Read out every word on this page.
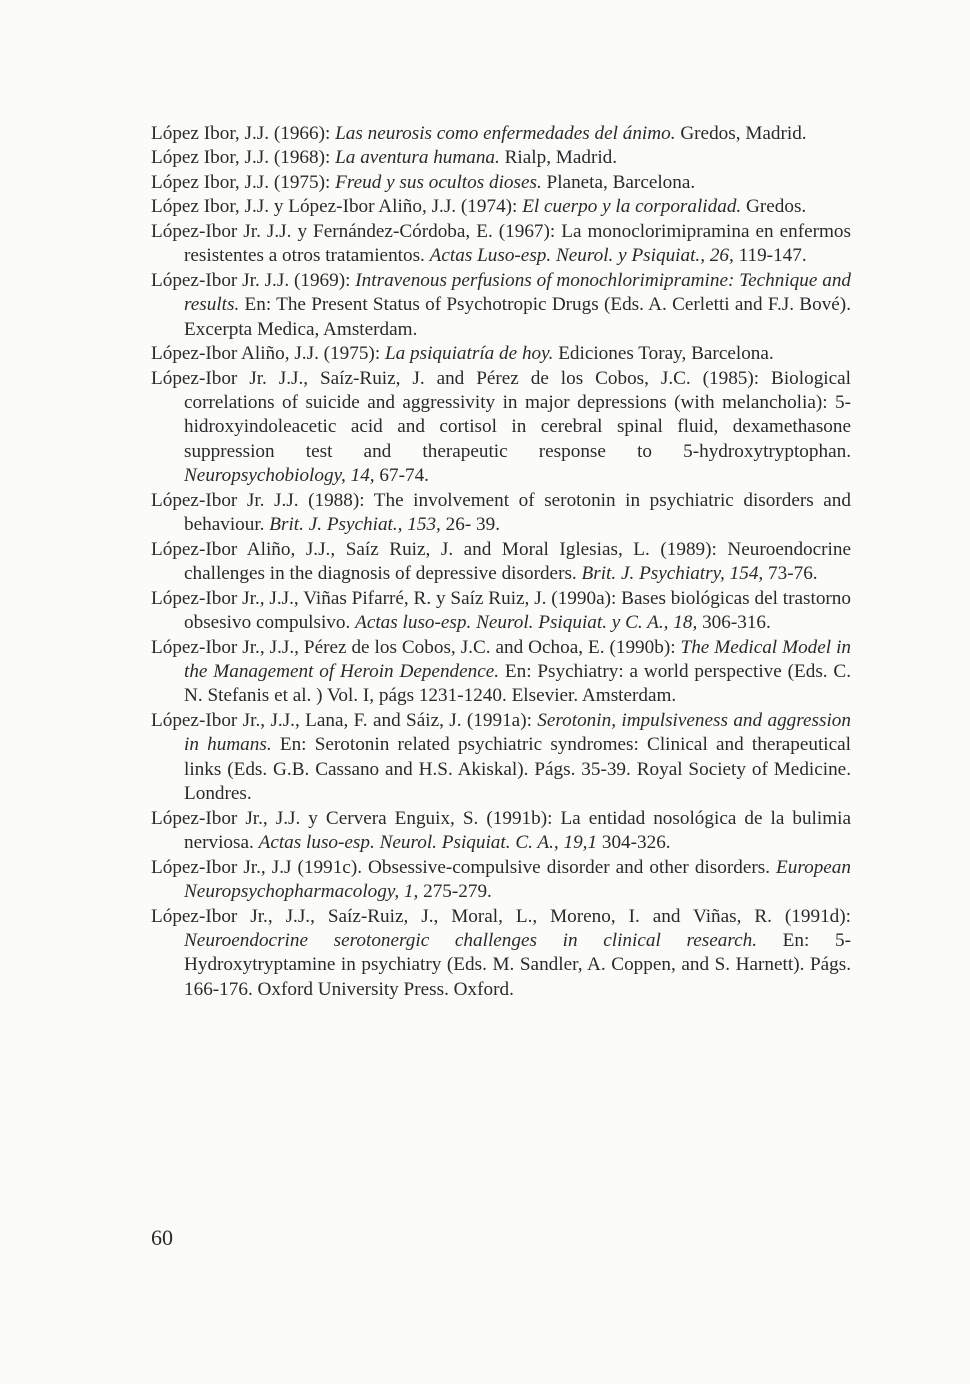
López Ibor, J.J. (1966): Las neurosis como enfermedades del ánimo. Gredos, Madrid.
López Ibor, J.J. (1968): La aventura humana. Rialp, Madrid.
López Ibor, J.J. (1975): Freud y sus ocultos dioses. Planeta, Barcelona.
López Ibor, J.J. y López-Ibor Aliño, J.J. (1974): El cuerpo y la corporalidad. Gredos.
López-Ibor Jr. J.J. y Fernández-Córdoba, E. (1967): La monoclorimipramina en enfermos resistentes a otros tratamientos. Actas Luso-esp. Neurol. y Psiquiat., 26, 119-147.
López-Ibor Jr. J.J. (1969): Intravenous perfusions of monochlorimipramine: Technique and results. En: The Present Status of Psychotropic Drugs (Eds. A. Cerletti and F.J. Bové). Excerpta Medica, Amsterdam.
López-Ibor Aliño, J.J. (1975): La psiquiatría de hoy. Ediciones Toray, Barcelona.
López-Ibor Jr. J.J., Saíz-Ruiz, J. and Pérez de los Cobos, J.C. (1985): Biological correlations of suicide and aggressivity in major depressions (with melancholia): 5-hidroxyindoleacetic acid and cortisol in cerebral spinal fluid, dexamethasone suppression test and therapeutic response to 5-hydroxytryptophan. Neuropsychobiology, 14, 67-74.
López-Ibor Jr. J.J. (1988): The involvement of serotonin in psychiatric disorders and behaviour. Brit. J. Psychiat., 153, 26- 39.
López-Ibor Aliño, J.J., Saíz Ruiz, J. and Moral Iglesias, L. (1989): Neuroendocrine challenges in the diagnosis of depressive disorders. Brit. J. Psychiatry, 154, 73-76.
López-Ibor Jr., J.J., Viñas Pifarré, R. y Saíz Ruiz, J. (1990a): Bases biológicas del trastorno obsesivo compulsivo. Actas luso-esp. Neurol. Psiquiat. y C. A., 18, 306-316.
López-Ibor Jr., J.J., Pérez de los Cobos, J.C. and Ochoa, E. (1990b): The Medical Model in the Management of Heroin Dependence. En: Psychiatry: a world perspective (Eds. C. N. Stefanis et al. ) Vol. I, págs 1231-1240. Elsevier. Amsterdam.
López-Ibor Jr., J.J., Lana, F. and Sáiz, J. (1991a): Serotonin, impulsiveness and aggression in humans. En: Serotonin related psychiatric syndromes: Clinical and therapeutical links (Eds. G.B. Cassano and H.S. Akiskal). Págs. 35-39. Royal Society of Medicine. Londres.
López-Ibor Jr., J.J. y Cervera Enguix, S. (1991b): La entidad nosológica de la bulimia nerviosa. Actas luso-esp. Neurol. Psiquiat. C. A., 19,1 304-326.
López-Ibor Jr., J.J (1991c). Obsessive-compulsive disorder and other disorders. European Neuropsychopharmacology, 1, 275-279.
López-Ibor Jr., J.J., Saíz-Ruiz, J., Moral, L., Moreno, I. and Viñas, R. (1991d): Neuroendocrine serotonergic challenges in clinical research. En: 5-Hydroxytryptamine in psychiatry (Eds. M. Sandler, A. Coppen, and S. Harnett). Págs. 166-176. Oxford University Press. Oxford.
60
